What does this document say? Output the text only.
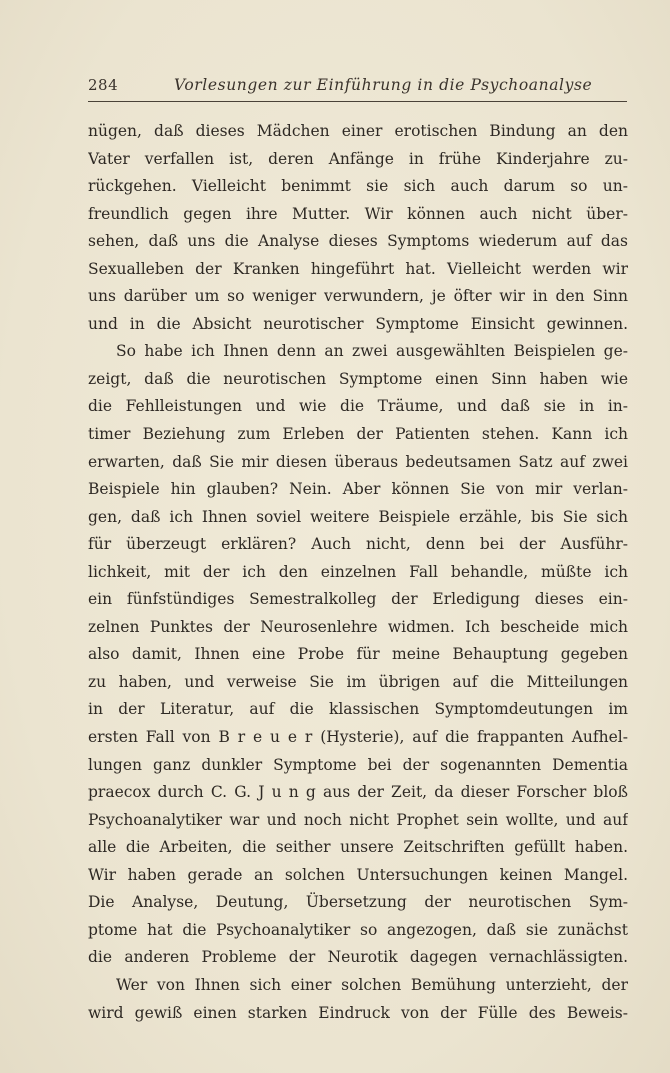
284	Vorlesungen zur Einführung in die Psychoanalyse
nügen, daß dieses Mädchen einer erotischen Bindung an den
Vater verfallen ist, deren Anfänge in frühe Kinderjahre zu-
rückgehen. Vielleicht benimmt sie sich auch darum so un-
freundlich gegen ihre Mutter. Wir können auch nicht über-
sehen, daß uns die Analyse dieses Symptoms wiederum auf das
Sexualleben der Kranken hingeführt hat. Vielleicht werden wir
uns darüber um so weniger verwundern, je öfter wir in den Sinn
und in die Absicht neurotischer Symptome Einsicht gewinnen.
So habe ich Ihnen denn an zwei ausgewählten Beispielen ge-
zeigt, daß die neurotischen Symptome einen Sinn haben wie
die Fehlleistungen und wie die Träume, und daß sie in in-
timer Beziehung zum Erleben der Patienten stehen. Kann ich
erwarten, daß Sie mir diesen überaus bedeutsamen Satz auf zwei
Beispiele hin glauben? Nein. Aber können Sie von mir verlan-
gen, daß ich Ihnen soviel weitere Beispiele erzähle, bis Sie sich
für überzeugt erklären? Auch nicht, denn bei der Ausführ-
lichkeit, mit der ich den einzelnen Fall behandle, müßte ich
ein fünfstündiges Semestralkolleg der Erledigung dieses ein-
zelnen Punktes der Neurosenlehre widmen. Ich bescheide mich
also damit, Ihnen eine Probe für meine Behauptung gegeben
zu haben, und verweise Sie im übrigen auf die Mitteilungen
in der Literatur, auf die klassischen Symptomdeutungen im
ersten Fall von B r e u e r (Hysterie), auf die frappanten Aufhel-
lungen ganz dunkler Symptome bei der sogenannten Dementia
praecox durch C. G. J u n g aus der Zeit, da dieser Forscher bloß
Psychoanalytiker war und noch nicht Prophet sein wollte, und auf
alle die Arbeiten, die seither unsere Zeitschriften gefüllt haben.
Wir haben gerade an solchen Untersuchungen keinen Mangel.
Die Analyse, Deutung, Übersetzung der neurotischen Sym-
ptome hat die Psychoanalytiker so angezogen, daß sie zunächst
die anderen Probleme der Neurotik dagegen vernachlässigten.
Wer von Ihnen sich einer solchen Bemühung unterzieht, der
wird gewiß einen starken Eindruck von der Fülle des Beweis-
